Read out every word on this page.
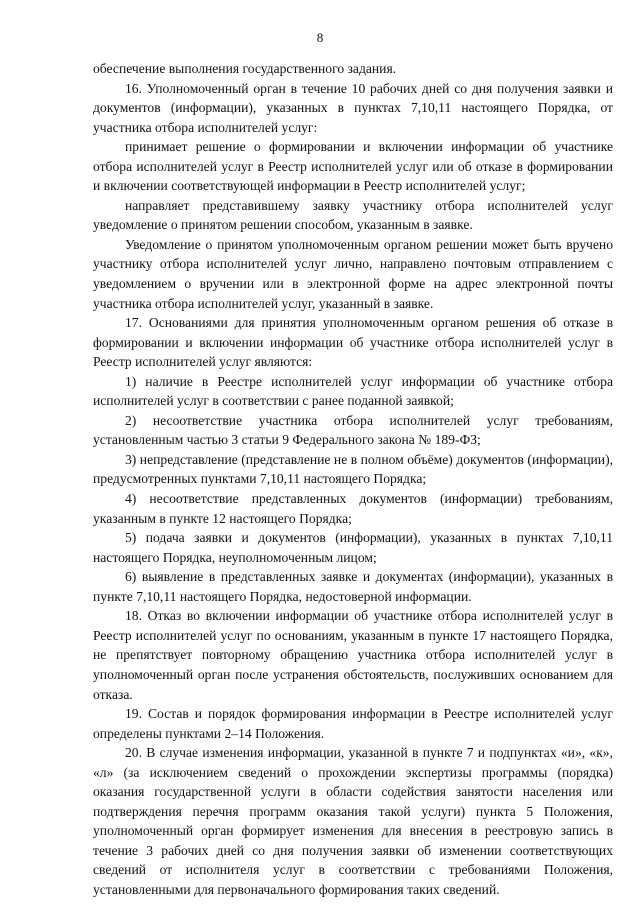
8

обеспечение выполнения государственного задания.

16. Уполномоченный орган в течение 10 рабочих дней со дня получения заявки и документов (информации), указанных в пунктах 7,10,11 настоящего Порядка, от участника отбора исполнителей услуг:

принимает решение о формировании и включении информации об участнике отбора исполнителей услуг в Реестр исполнителей услуг или об отказе в формировании и включении соответствующей информации в Реестр исполнителей услуг;

направляет представившему заявку участнику отбора исполнителей услуг уведомление о принятом решении способом, указанным в заявке.

Уведомление о принятом уполномоченным органом решении может быть вручено участнику отбора исполнителей услуг лично, направлено почтовым отправлением с уведомлением о вручении или в электронной форме на адрес электронной почты участника отбора исполнителей услуг, указанный в заявке.

17. Основаниями для принятия уполномоченным органом решения об отказе в формировании и включении информации об участнике отбора исполнителей услуг в Реестр исполнителей услуг являются:

1) наличие в Реестре исполнителей услуг информации об участнике отбора исполнителей услуг в соответствии с ранее поданной заявкой;

2) несоответствие участника отбора исполнителей услуг требованиям, установленным частью 3 статьи 9 Федерального закона № 189-ФЗ;

3) непредставление (представление не в полном объёме) документов (информации), предусмотренных пунктами 7,10,11 настоящего Порядка;

4) несоответствие представленных документов (информации) требованиям, указанным в пункте 12 настоящего Порядка;

5) подача заявки и документов (информации), указанных в пунктах 7,10,11 настоящего Порядка, неуполномоченным лицом;

6) выявление в представленных заявке и документах (информации), указанных в пункте 7,10,11 настоящего Порядка, недостоверной информации.

18. Отказ во включении информации об участнике отбора исполнителей услуг в Реестр исполнителей услуг по основаниям, указанным в пункте 17 настоящего Порядка, не препятствует повторному обращению участника отбора исполнителей услуг в уполномоченный орган после устранения обстоятельств, послуживших основанием для отказа.

19. Состав и порядок формирования информации в Реестре исполнителей услуг определены пунктами 2–14 Положения.

20. В случае изменения информации, указанной в пункте 7 и подпунктах «и», «к», «л» (за исключением сведений о прохождении экспертизы программы (порядка) оказания государственной услуги в области содействия занятости населения или подтверждения перечня программ оказания такой услуги) пункта 5 Положения, уполномоченный орган формирует изменения для внесения в реестровую запись в течение 3 рабочих дней со дня получения заявки об изменении соответствующих сведений от исполнителя услуг в соответствии с требованиями Положения, установленными для первоначального формирования таких сведений.
